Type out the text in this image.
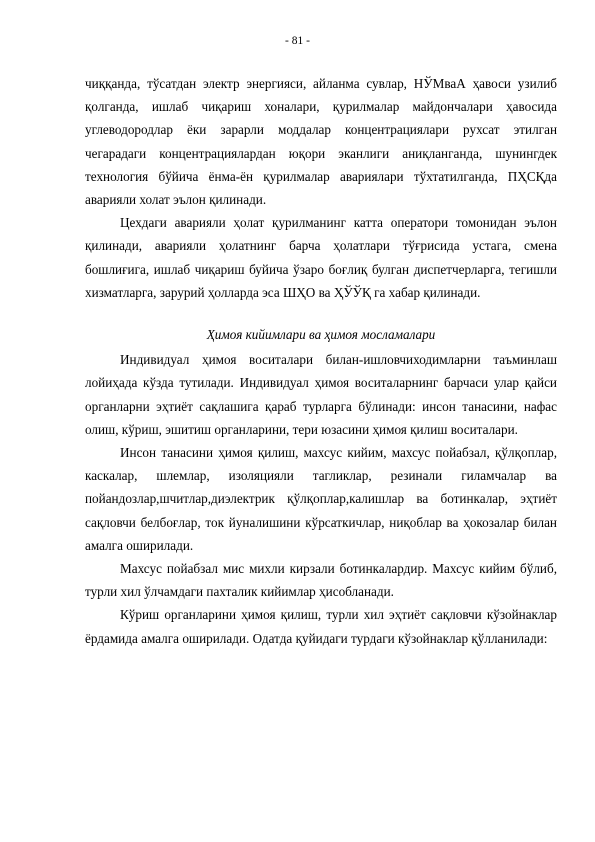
- 81 -

чиққанда, тўсатдан электр энергияси, айланма сувлар, НЎМваА ҳавоси узилиб қолганда, ишлаб чиқариш хоналари, қурилмалар майдончалари ҳавосида углеводородлар ёки зарарли моддалар концентрациялари рухсат этилган чегарадаги концентрациялардан юқори эканлиги аниқланганда, шунингдек технология бўйича ёнма-ён қурилмалар авариялари тўхтатилганда, ПҲСҚда аварияли холат эълон қилинади.

Цехдаги аварияли ҳолат қурилманинг катта оператори томонидан эълон қилинади, аварияли ҳолатнинг барча ҳолатлари тўғрисида устага, смена бошлиғига, ишлаб чиқариш буйича ўзаро боғлиқ булган диспетчерларга, тегишли хизматларга, зарурий ҳолларда эса ШҲО ва ҲЎЎҚ га хабар қилинади.

Ҳимоя кийимлари ва ҳимоя мосламалари

Индивидуал ҳимоя воситалари билан-ишловчиходимларни таъминлаш лойиҳада кўзда тутилади. Индивидуал ҳимоя воситаларнинг барчаси улар қайси органларни эҳтиёт сақлашига қараб турларга бўлинади: инсон танасини, нафас олиш, кўриш, эшитиш органларини, тери юзасини ҳимоя қилиш воситалари.

Инсон танасини ҳимоя қилиш, махсус кийим, махсус пойабзал, қўлқоплар, каскалар, шлемлар, изоляцияли тагликлар, резинали гиламчалар ва пойандозлар,шчитлар,диэлектрик қўлқоплар,калишлар ва ботинкалар, эҳтиёт сақловчи белбоғлар, ток йуналишини кўрсаткичлар, ниқоблар ва ҳокозалар билан амалга оширилади.

Махсус пойабзал мис михли кирзали ботинкалардир. Махсус кийим бўлиб, турли хил ўлчамдаги пахталик кийимлар ҳисобланади.

Кўриш органларини ҳимоя қилиш, турли хил эҳтиёт сақловчи кўзойнаклар ёрдамида амалга оширилади. Одатда қуйидаги турдаги кўзойнаклар қўлланилади:
